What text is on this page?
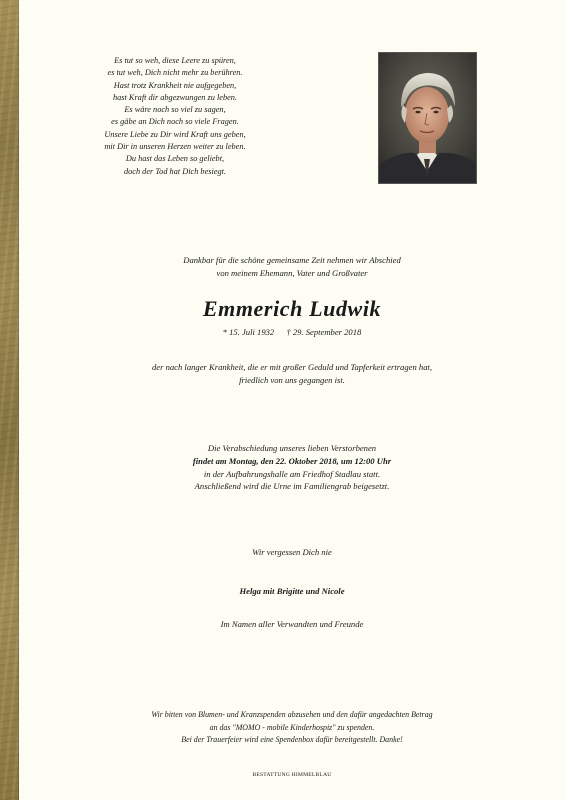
Es tut so weh, diese Leere zu spüren,
es tut weh, Dich nicht mehr zu berühren.
Hast trotz Krankheit nie aufgegeben,
hast Kraft dir abgezwungen zu leben.
Es wäre noch so viel zu sagen,
es gäbe an Dich noch so viele Fragen.
Unsere Liebe zu Dir wird Kraft uns geben,
mit Dir in unseren Herzen weiter zu leben.
Du hast das Leben so geliebt,
doch der Tod hat Dich besiegt.
Dankbar für die schöne gemeinsame Zeit nehmen wir Abschied
von meinem Ehemann, Vater und Großvater
Emmerich Ludwik
* 15. Juli 1932 † 29. September 2018
der nach langer Krankheit, die er mit großer Geduld und Tapferkeit ertragen hat,
friedlich von uns gegangen ist.
Die Verabschiedung unseres lieben Verstorbenen
findet am Montag, den 22. Oktober 2018, um 12:00 Uhr
in der Aufbahrungshalle am Friedhof Stadlau statt.
Anschließend wird die Urne im Familiengrab beigesetzt.
Wir vergessen Dich nie
Helga mit Brigitte und Nicole
Im Namen aller Verwandten und Freunde
Wir bitten von Blumen- und Kranzspenden abzusehen und den dafür angedachten Betrag
an das "MOMO - mobile Kinderhospiz" zu spenden.
Bei der Trauerfeier wird eine Spendenbox dafür bereitgestellt. Danke!
BESTATTUNG HIMMELBLAU
